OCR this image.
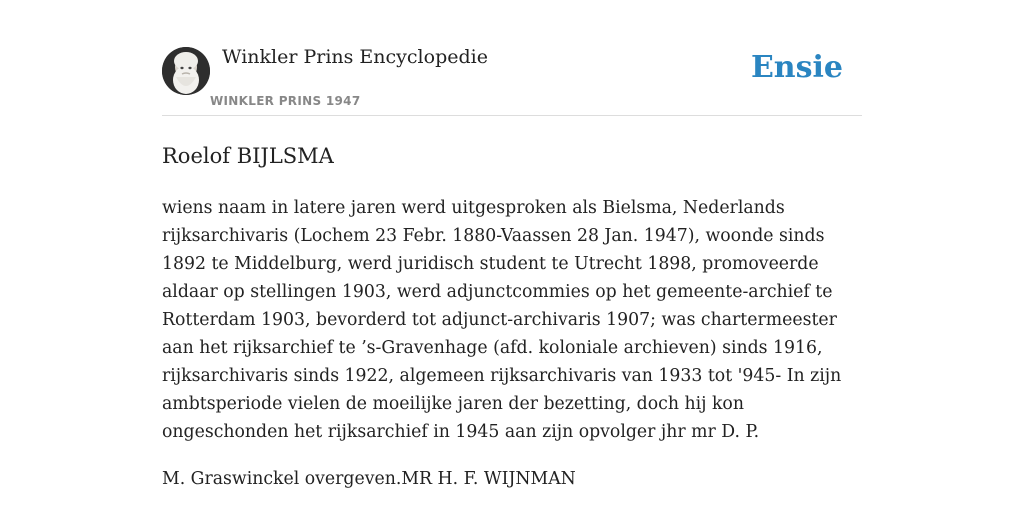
Winkler Prins Encyclopedie
WINKLER PRINS 1947
Ensie
Roelof BIJLSMA

wiens naam in latere jaren werd uitgesproken als Bielsma, Nederlands rijksarchivaris (Lochem 23 Febr. 1880-Vaassen 28 Jan. 1947), woonde sinds 1892 te Middelburg, werd juridisch student te Utrecht 1898, promoveerde aldaar op stellingen 1903, werd adjunctcommies op het gemeente-archief te Rotterdam 1903, bevorderd tot adjunct-archivaris 1907; was chartermeester aan het rijksarchief te ’s-Gravenhage (afd. koloniale archieven) sinds 1916, rijksarchivaris sinds 1922, algemeen rijksarchivaris van 1933 tot '945- In zijn ambtsperiode vielen de moeilijke jaren der bezetting, doch hij kon ongeschonden het rijksarchief in 1945 aan zijn opvolger jhr mr D. P.

M. Graswinckel overgeven.MR H. F. WIJNMAN
